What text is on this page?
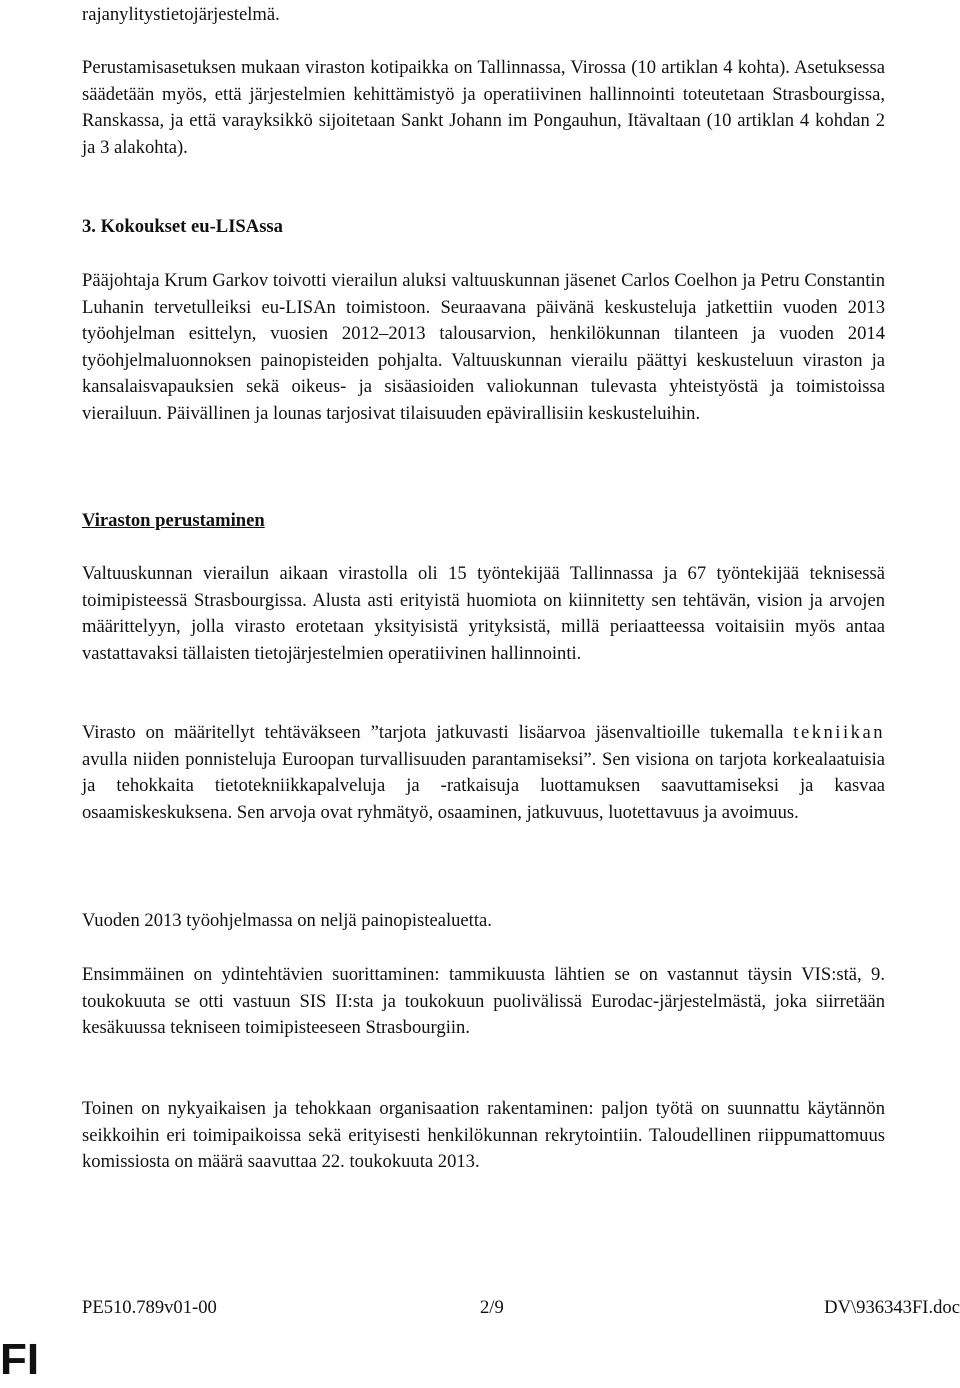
rajanylitystietojärjestelmä.

Perustamisasetuksen mukaan viraston kotipaikka on Tallinnassa, Virossa (10 artiklan 4 kohta). Asetuksessa säädetään myös, että järjestelmien kehittämistyö ja operatiivinen hallinnointi toteutetaan Strasbourgissa, Ranskassa, ja että varayksikkö sijoitetaan Sankt Johann im Pongauhun, Itävaltaan (10 artiklan 4 kohdan 2 ja 3 alakohta).

3. Kokoukset eu-LISAssa

Pääjohtaja Krum Garkov toivotti vierailun aluksi valtuuskunnan jäsenet Carlos Coelhon ja Petru Constantin Luhanin tervetulleiksi eu-LISAn toimistoon. Seuraavana päivänä keskusteluja jatkettiin vuoden 2013 työohjelman esittelyn, vuosien 2012–2013 talousarvion, henkilökunnan tilanteen ja vuoden 2014 työohjelmaluonnoksen painopisteiden pohjalta. Valtuuskunnan vierailu päättyi keskusteluun viraston ja kansalaisvapauksien sekä oikeus- ja sisäasioiden valiokunnan tulevasta yhteistyöstä ja toimistoissa vierailuun. Päivällinen ja lounas tarjosivat tilaisuuden epävirallisiin keskusteluihin.

Viraston perustaminen

Valtuuskunnan vierailun aikaan virastolla oli 15 työntekijää Tallinnassa ja 67 työntekijää teknisessä toimipisteessä Strasbourgissa. Alusta asti erityistä huomiota on kiinnitetty sen tehtävän, vision ja arvojen määrittelyyn, jolla virasto erotetaan yksityisistä yrityksistä, millä periaatteessa voitaisiin myös antaa vastattavaksi tällaisten tietojärjestelmien operatiivinen hallinnointi.

Virasto on määritellyt tehtäväkseen ”tarjota jatkuvasti lisäarvoa jäsenvaltioille tukemalla tekniikan avulla niiden ponnisteluja Euroopan turvallisuuden parantamiseksi”. Sen visiona on tarjota korkealaatuisia ja tehokkaita tietotekniikkapalveluja ja -ratkaisuja luottamuksen saavuttamiseksi ja kasvaa osaamiskeskuksena. Sen arvoja ovat ryhmätyö, osaaminen, jatkuvuus, luotettavuus ja avoimuus.

Vuoden 2013 työohjelmassa on neljä painopistealuetta.

Ensimmäinen on ydintehtävien suorittaminen: tammikuusta lähtien se on vastannut täysin VIS:stä, 9. toukokuuta se otti vastuun SIS II:sta ja toukokuun puolivälissä Eurodac-järjestelmästä, joka siirretään kesäkuussa tekniseen toimipisteeseen Strasbourgiin.

Toinen on nykyaikaisen ja tehokkaan organisaation rakentaminen: paljon työtä on suunnattu käytännön seikkoihin eri toimipaikoissa sekä erityisesti henkilökunnan rekrytointiin. Taloudellinen riippumattomuus komissiosta on määrä saavuttaa 22. toukokuuta 2013.

PE510.789v01-00	2/9	DV\936343FI.doc
FI
